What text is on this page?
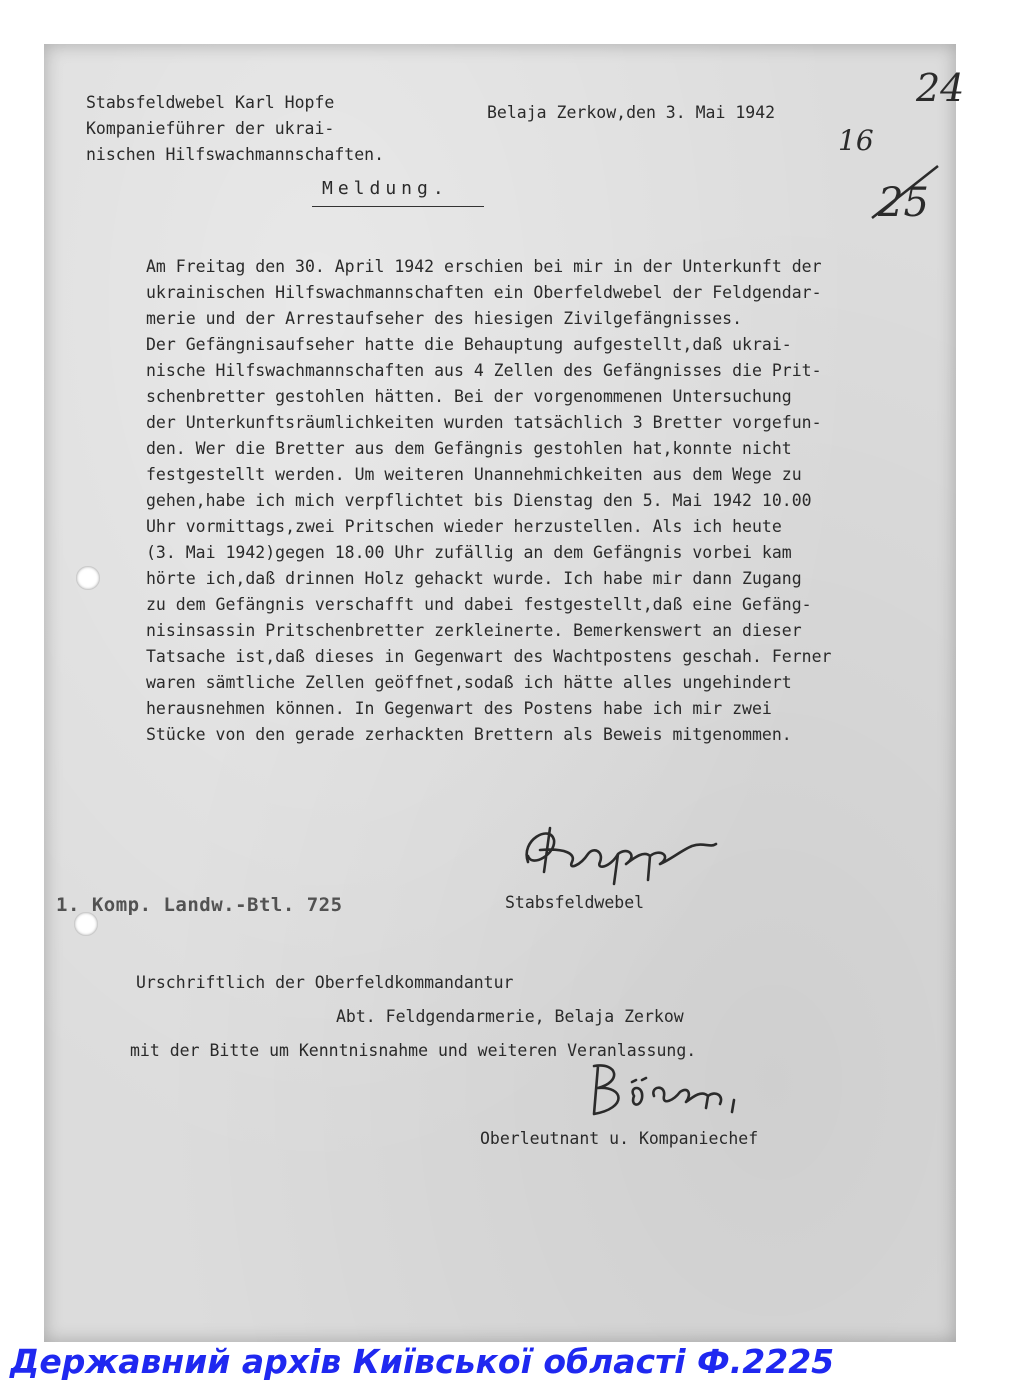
Stabsfeldwebel Karl Hopfe
Kompanieführer der ukrai-
nischen Hilfswachmannschaften.
Belaja Zerkow,den 3. Mai 1942
Meldung.
24
16
25
Am Freitag den 30. April 1942 erschien bei mir in der Unterkunft der
ukrainischen Hilfswachmannschaften ein Oberfeldwebel der Feldgendar-
merie und der Arrestaufseher des hiesigen Zivilgefängnisses.
Der Gefängnisaufseher hatte die Behauptung aufgestellt,daß ukrai-
nische Hilfswachmannschaften aus 4 Zellen des Gefängnisses die Prit-
schenbretter gestohlen hätten. Bei der vorgenommenen Untersuchung
der Unterkunftsräumlichkeiten wurden tatsächlich 3 Bretter vorgefun-
den. Wer die Bretter aus dem Gefängnis gestohlen hat,konnte nicht
festgestellt werden. Um weiteren Unannehmichkeiten aus dem Wege zu
gehen,habe ich mich verpflichtet bis Dienstag den 5. Mai 1942 10.00
Uhr vormittags,zwei Pritschen wieder herzustellen. Als ich heute
(3. Mai 1942)gegen 18.00 Uhr zufällig an dem Gefängnis vorbei kam
hörte ich,daß drinnen Holz gehackt wurde. Ich habe mir dann Zugang
zu dem Gefängnis verschafft und dabei festgestellt,daß eine Gefäng-
nisinsassin Pritschenbretter zerkleinerte. Bemerkenswert an dieser
Tatsache ist,daß dieses in Gegenwart des Wachtpostens geschah. Ferner
waren sämtliche Zellen geöffnet,sodaß ich hätte alles ungehindert
herausnehmen können. In Gegenwart des Postens habe ich mir zwei
Stücke von den gerade zerhackten Brettern als Beweis mitgenommen.
Stabsfeldwebel
1. Komp. Landw.-Btl. 725
Urschriftlich der Oberfeldkommandantur
Abt. Feldgendarmerie, Belaja Zerkow
mit der Bitte um Kenntnisnahme und weiteren Veranlassung.
Oberleutnant u. Kompaniechef
Державний архів Київської області Ф.2225
